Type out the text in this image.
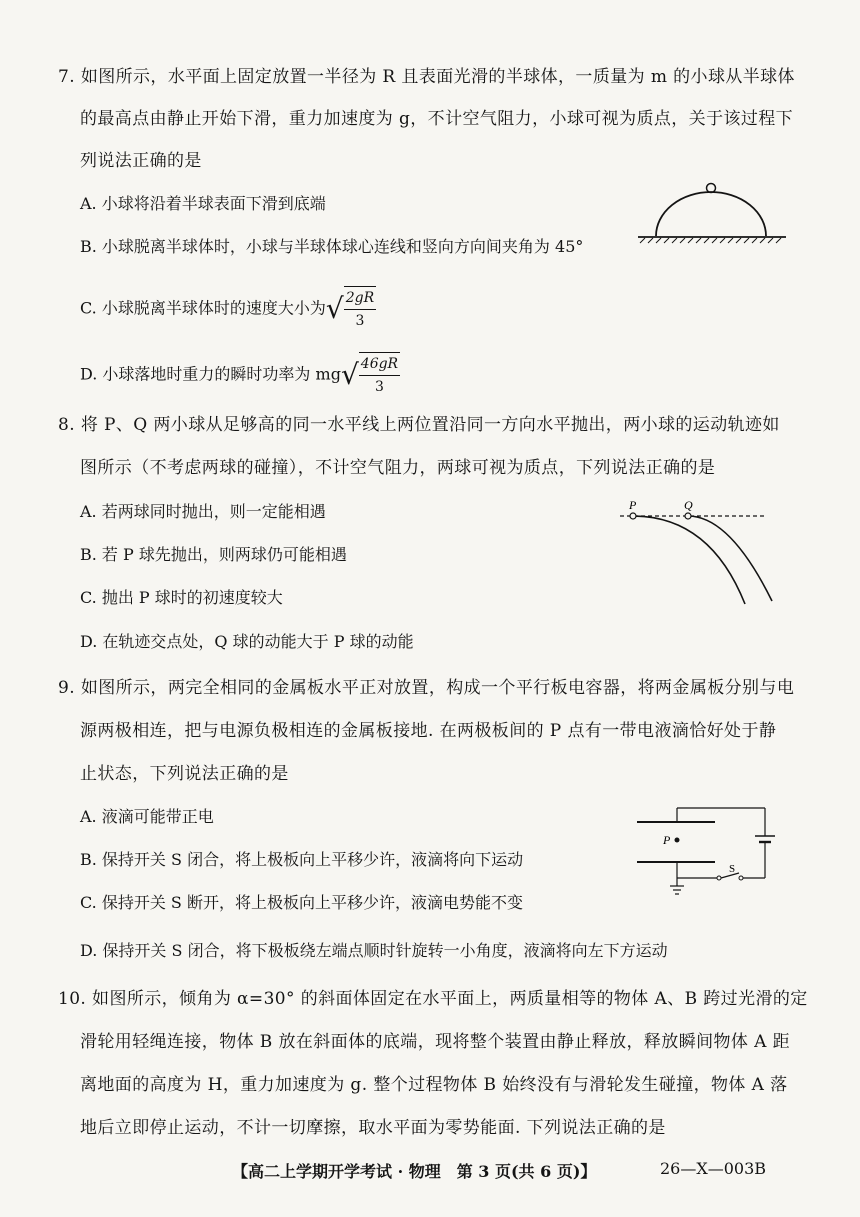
7. 如图所示，水平面上固定放置一半径为 R 且表面光滑的半球体，一质量为 m 的小球从半球体
的最高点由静止开始下滑，重力加速度为 g，不计空气阻力，小球可视为质点，关于该过程下
列说法正确的是
A. 小球将沿着半球表面下滑到底端
B. 小球脱离半球体时，小球与半球体球心连线和竖向方向间夹角为 45°
C. 小球脱离半球体时的速度大小为√ $\frac{2gR}{3}$
D. 小球落地时重力的瞬时功率为 $mg√ \frac{46gR}{3}$
8. 将 P、Q 两小球从足够高的同一水平线上两位置沿同一方向水平抛出，两小球的运动轨迹如
图所示（不考虑两球的碰撞），不计空气阻力，两球可视为质点，下列说法正确的是
A. 若两球同时抛出，则一定能相遇
B. 若 P 球先抛出，则两球仍可能相遇
C. 抛出 P 球时的初速度较大
D. 在轨迹交点处，Q 球的动能大于 P 球的动能
P	Q
9. 如图所示，两完全相同的金属板水平正对放置，构成一个平行板电容器，将两金属板分别与电
源两极相连，把与电源负极相连的金属板接地. 在两极板间的 P 点有一带电液滴恰好处于静
止状态，下列说法正确的是
A. 液滴可能带正电
B. 保持开关 S 闭合，将上极板向上平移少许，液滴将向下运动
C. 保持开关 S 断开，将上极板向上平移少许，液滴电势能不变
D. 保持开关 S 闭合，将下极板绕左端点顺时针旋转一小角度，液滴将向左下方运动
P
S
10. 如图所示，倾角为 α=30° 的斜面体固定在水平面上，两质量相等的物体 A、B 跨过光滑的定
滑轮用轻绳连接，物体 B 放在斜面体的底端，现将整个装置由静止释放，释放瞬间物体 A 距
离地面的高度为 H，重力加速度为 g. 整个过程物体 B 始终没有与滑轮发生碰撞，物体 A 落
地后立即停止运动，不计一切摩擦，取水平面为零势能面. 下列说法正确的是
【高二上学期开学考试 · 物理　第 3 页(共 6 页)】	26—X—003B
